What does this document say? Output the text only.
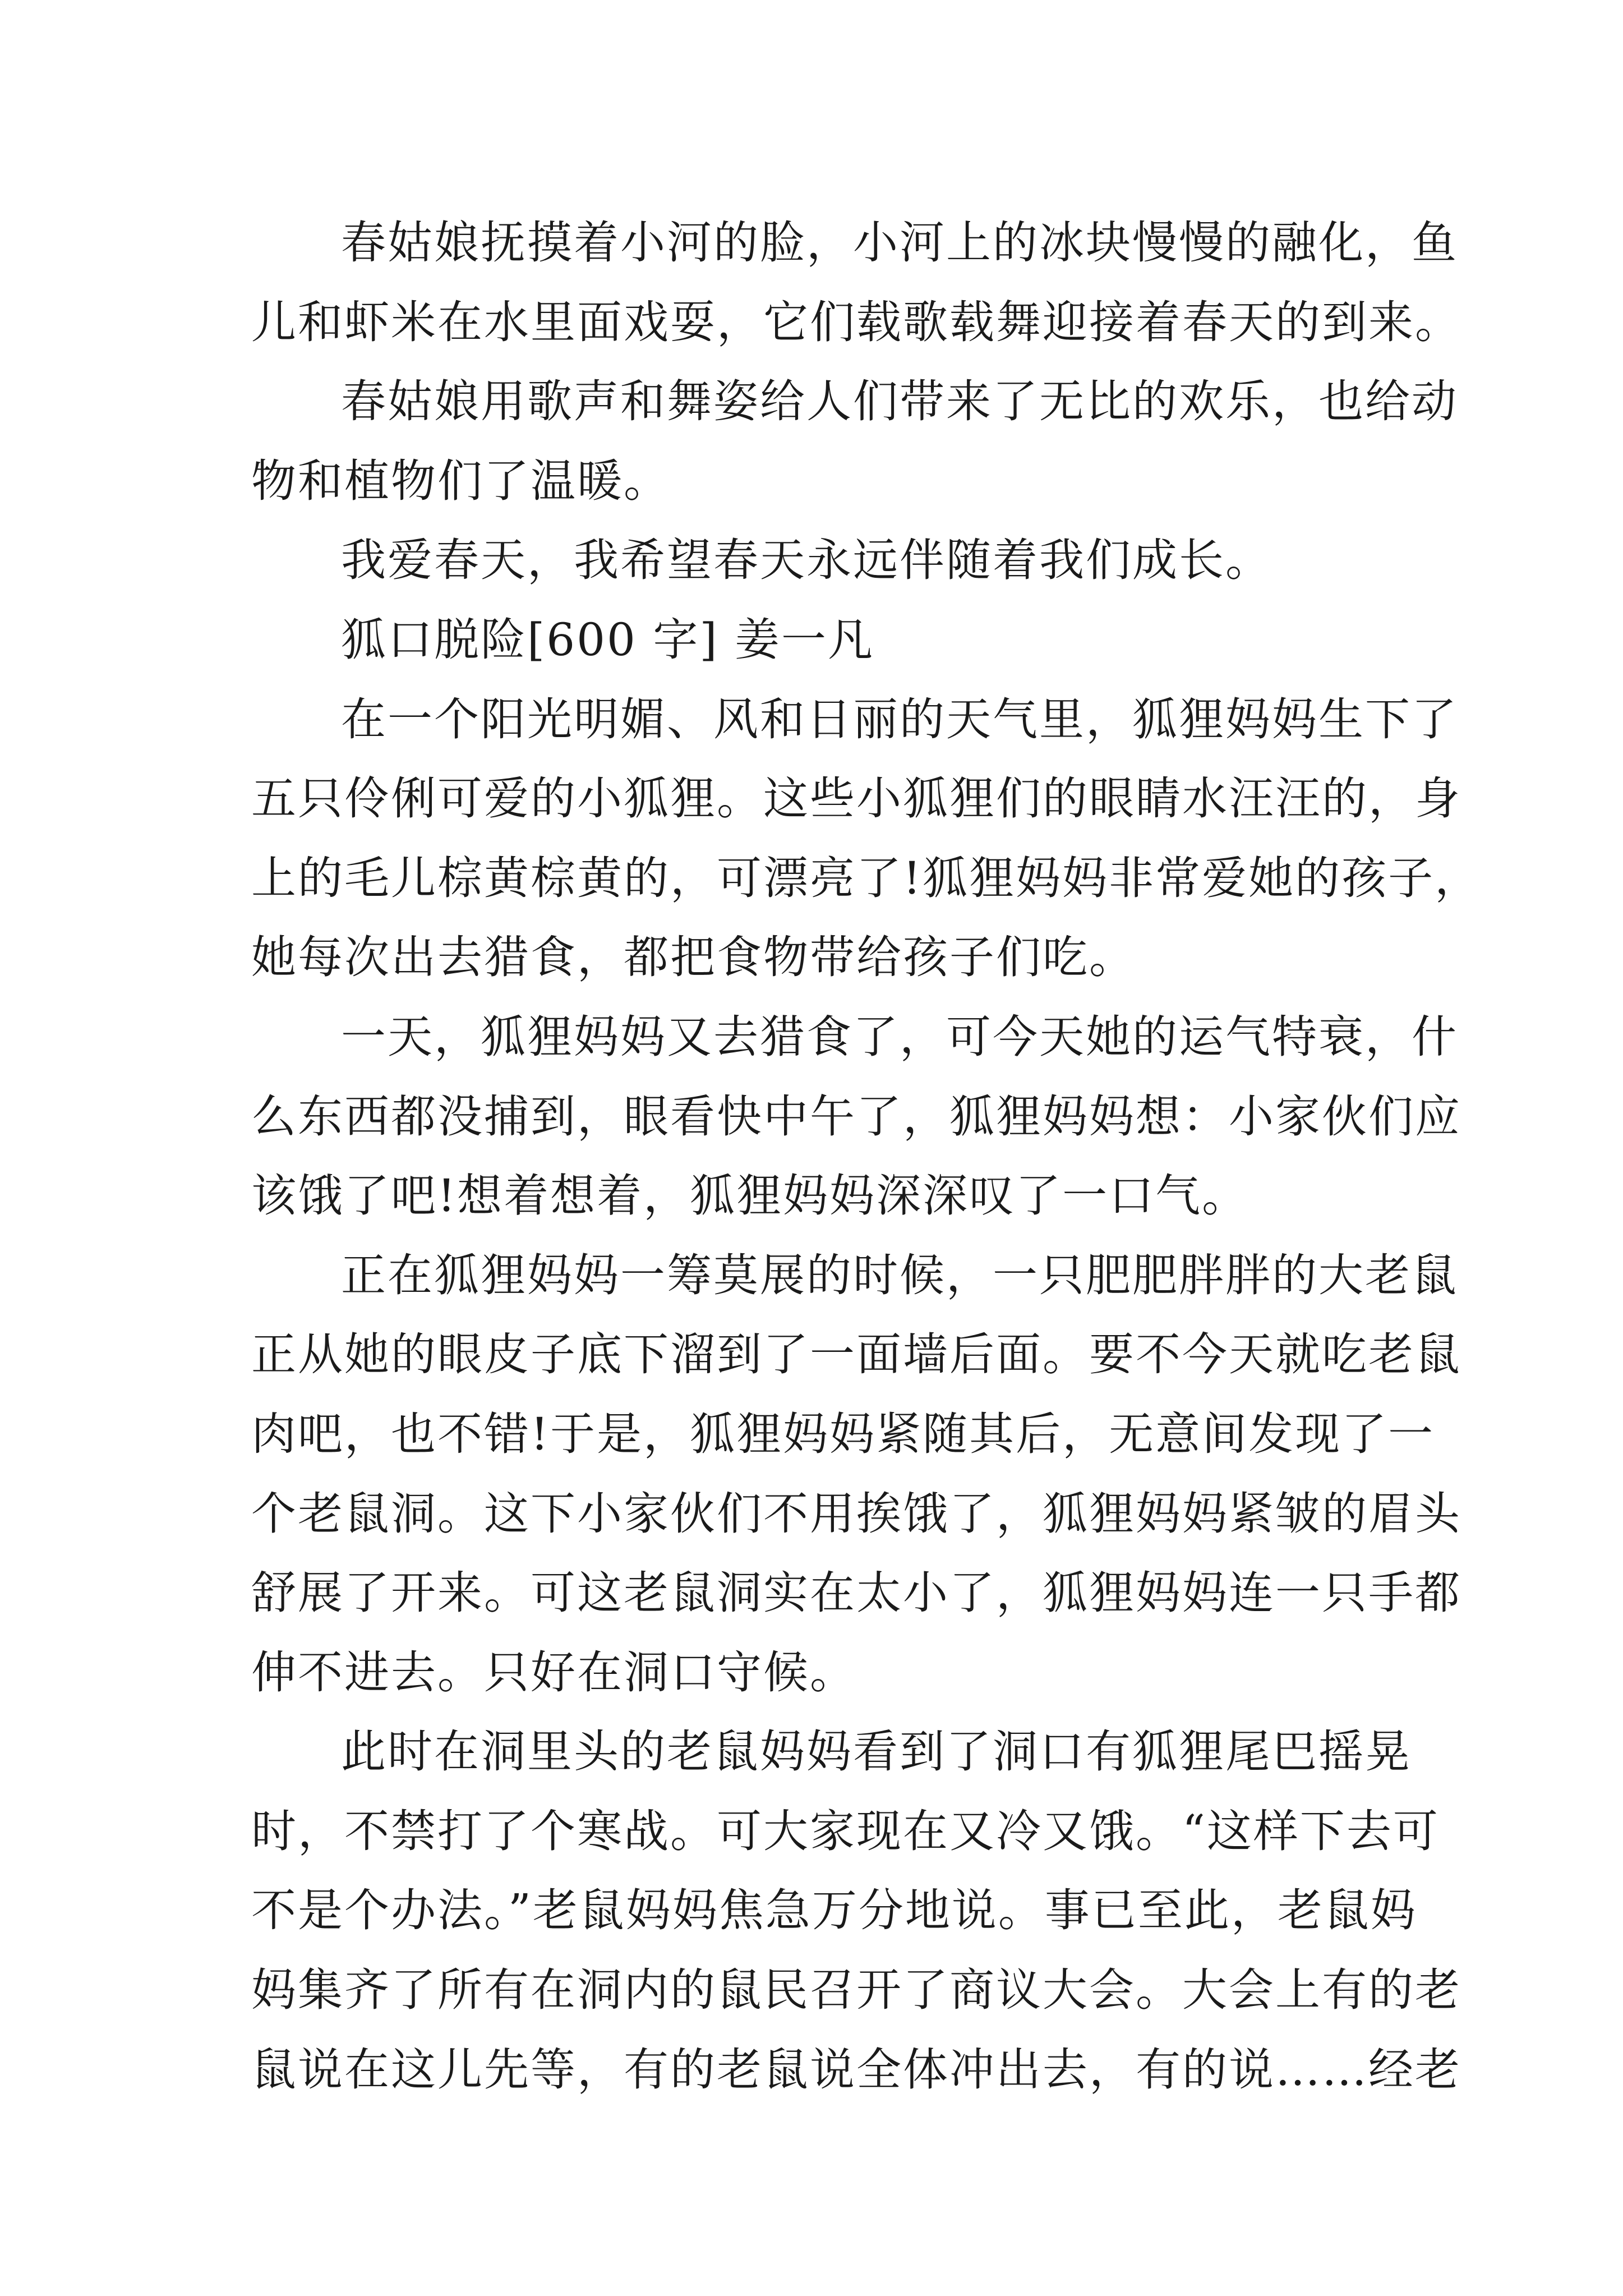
春姑娘抚摸着小河的脸，小河上的冰块慢慢的融化，鱼
儿和虾米在水里面戏耍，它们载歌载舞迎接着春天的到来。
春姑娘用歌声和舞姿给人们带来了无比的欢乐，也给动
物和植物们了温暖。
我爱春天，我希望春天永远伴随着我们成长。
狐口脱险[600 字] 姜一凡
在一个阳光明媚、风和日丽的天气里，狐狸妈妈生下了
五只伶俐可爱的小狐狸。这些小狐狸们的眼睛水汪汪的，身
上的毛儿棕黄棕黄的，可漂亮了!狐狸妈妈非常爱她的孩子，
她每次出去猎食，都把食物带给孩子们吃。
一天，狐狸妈妈又去猎食了，可今天她的运气特衰，什
么东西都没捕到，眼看快中午了，狐狸妈妈想：小家伙们应
该饿了吧!想着想着，狐狸妈妈深深叹了一口气。
正在狐狸妈妈一筹莫展的时候，一只肥肥胖胖的大老鼠
正从她的眼皮子底下溜到了一面墙后面。要不今天就吃老鼠
肉吧，也不错!于是，狐狸妈妈紧随其后，无意间发现了一
个老鼠洞。这下小家伙们不用挨饿了，狐狸妈妈紧皱的眉头
舒展了开来。可这老鼠洞实在太小了，狐狸妈妈连一只手都
伸不进去。只好在洞口守候。
此时在洞里头的老鼠妈妈看到了洞口有狐狸尾巴摇晃
时，不禁打了个寒战。可大家现在又冷又饿。“这样下去可
不是个办法。”老鼠妈妈焦急万分地说。事已至此，老鼠妈
妈集齐了所有在洞内的鼠民召开了商议大会。大会上有的老
鼠说在这儿先等，有的老鼠说全体冲出去，有的说……经老
